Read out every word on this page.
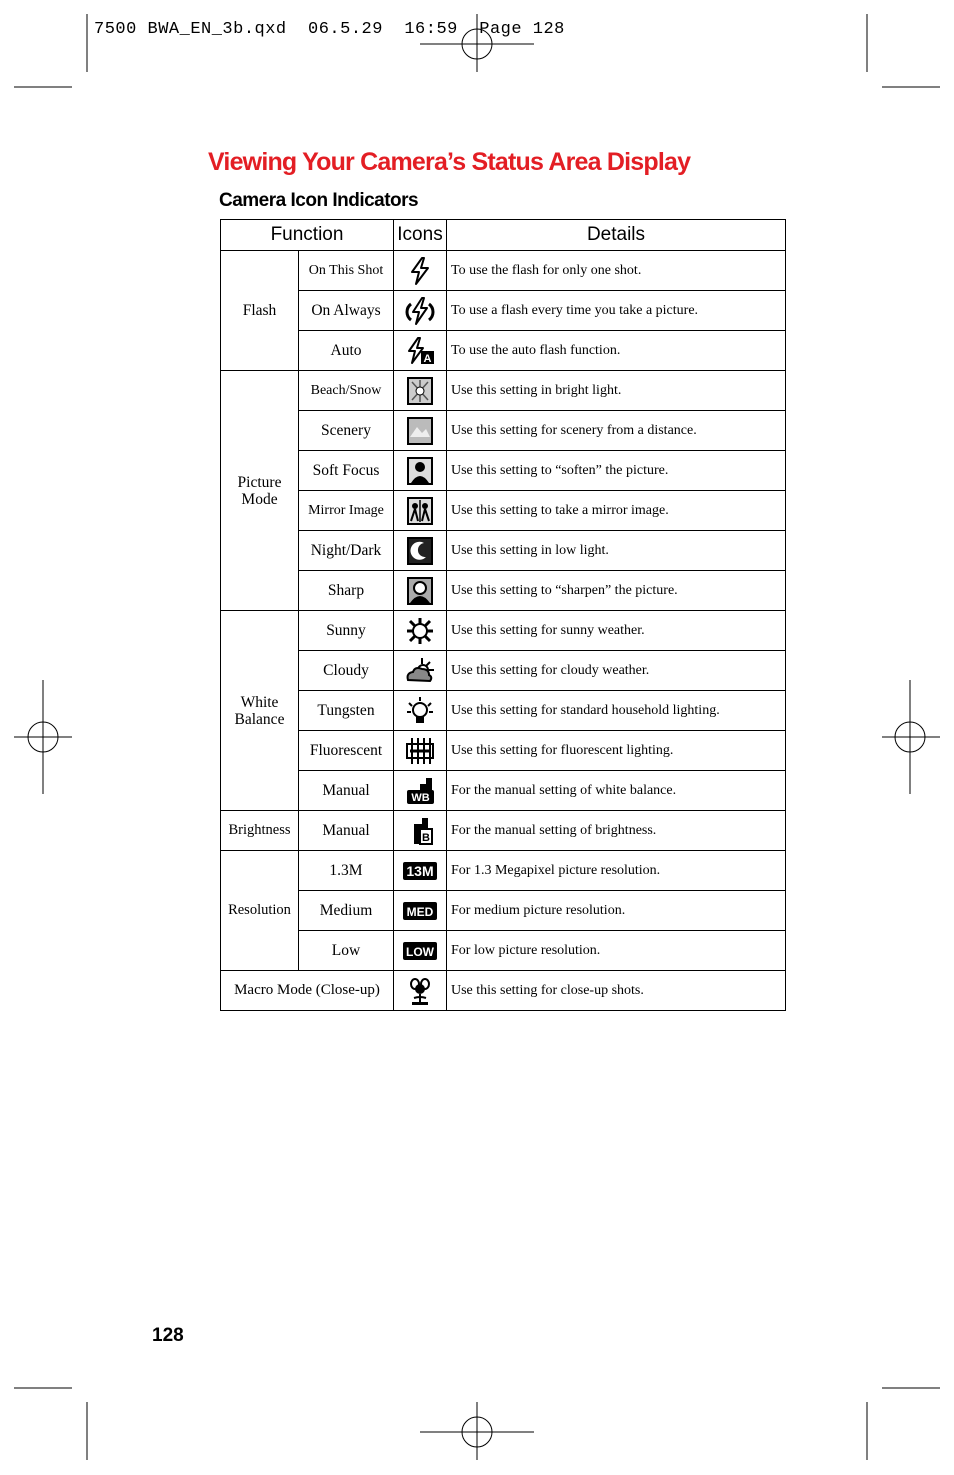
7500 BWA_EN_3b.qxd  06.5.29  16:59  Page 128
Viewing Your Camera’s Status Area Display
Camera Icon Indicators
Function		Icons	Details
Flash	On This Shot		To use the flash for only one shot.
	On Always		To use a flash every time you take a picture.
	Auto	A	To use the auto flash function.
Picture Mode	Beach/Snow		Use this setting in bright light.
	Scenery		Use this setting for scenery from a distance.
	Soft Focus		Use this setting to “soften” the picture.
	Mirror Image		Use this setting to take a mirror image.
	Night/Dark		Use this setting in low light.
	Sharp		Use this setting to “sharpen” the picture.
White Balance	Sunny		Use this setting for sunny weather.
	Cloudy		Use this setting for cloudy weather.
	Tungsten		Use this setting for standard household lighting.
	Fluorescent		Use this setting for fluorescent lighting.
	Manual	WB	For the manual setting of white balance.
Brightness	Manual	B	For the manual setting of brightness.
Resolution	1.3M	13M	For 1.3 Megapixel picture resolution.
	Medium	MED	For medium picture resolution.
	Low	LOW	For low picture resolution.
Macro Mode (Close-up)			Use this setting for close-up shots.
128
